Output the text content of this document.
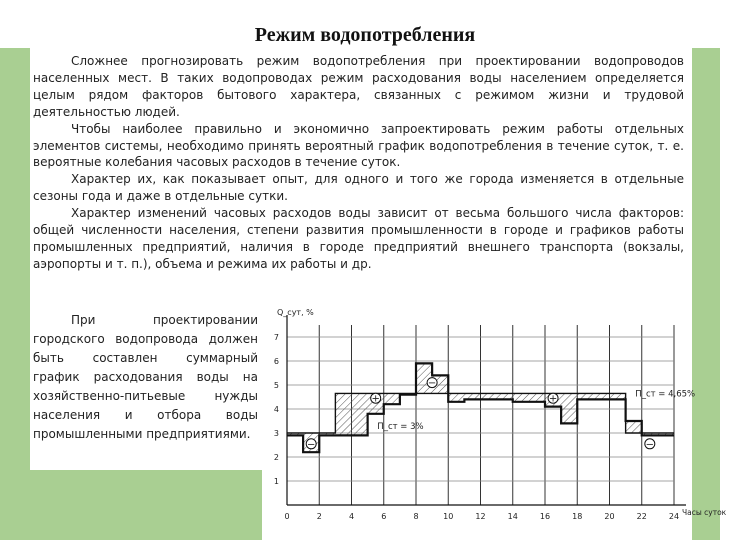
Режим водопотребления

Сложнее прогнозировать режим водопотребления при проектировании водопроводов населенных мест. В таких водопроводах режим расходования воды населением определяется целым рядом факторов бытового характера, связанных с режимом жизни и трудовой деятельностью людей.

Чтобы наиболее правильно и экономично запроектировать режим работы отдельных элементов системы, необходимо принять вероятный график водопотребления в течение суток, т. е. вероятные колебания часовых расходов в течение суток.

Характер их, как показывает опыт, для одного и того же города изменяется в отдельные сезоны года и даже в отдельные сутки.

Характер изменений часовых расходов воды зависит от весьма большого числа факторов: общей численности населения, степени развития промышленности в городе и графиков работы промышленных предприятий, наличия в городе предприятий внешнего транспорта (вокзалы, аэропорты и т. п.), объема и режима их работы и др.

При проектировании городского водопровода должен быть составлен суммарный график расходования воды на хозяйственно-питьевые нужды населения и отбора воды промышленными предприятиями.

1
2
3
4
5
6
7
0	2	4	6	8	10	12	14	16	18	20	22	24
Q_сут, %
Часы суток
П_ст = 4,65%
П_ст = 3%
−
+
−
+
−
